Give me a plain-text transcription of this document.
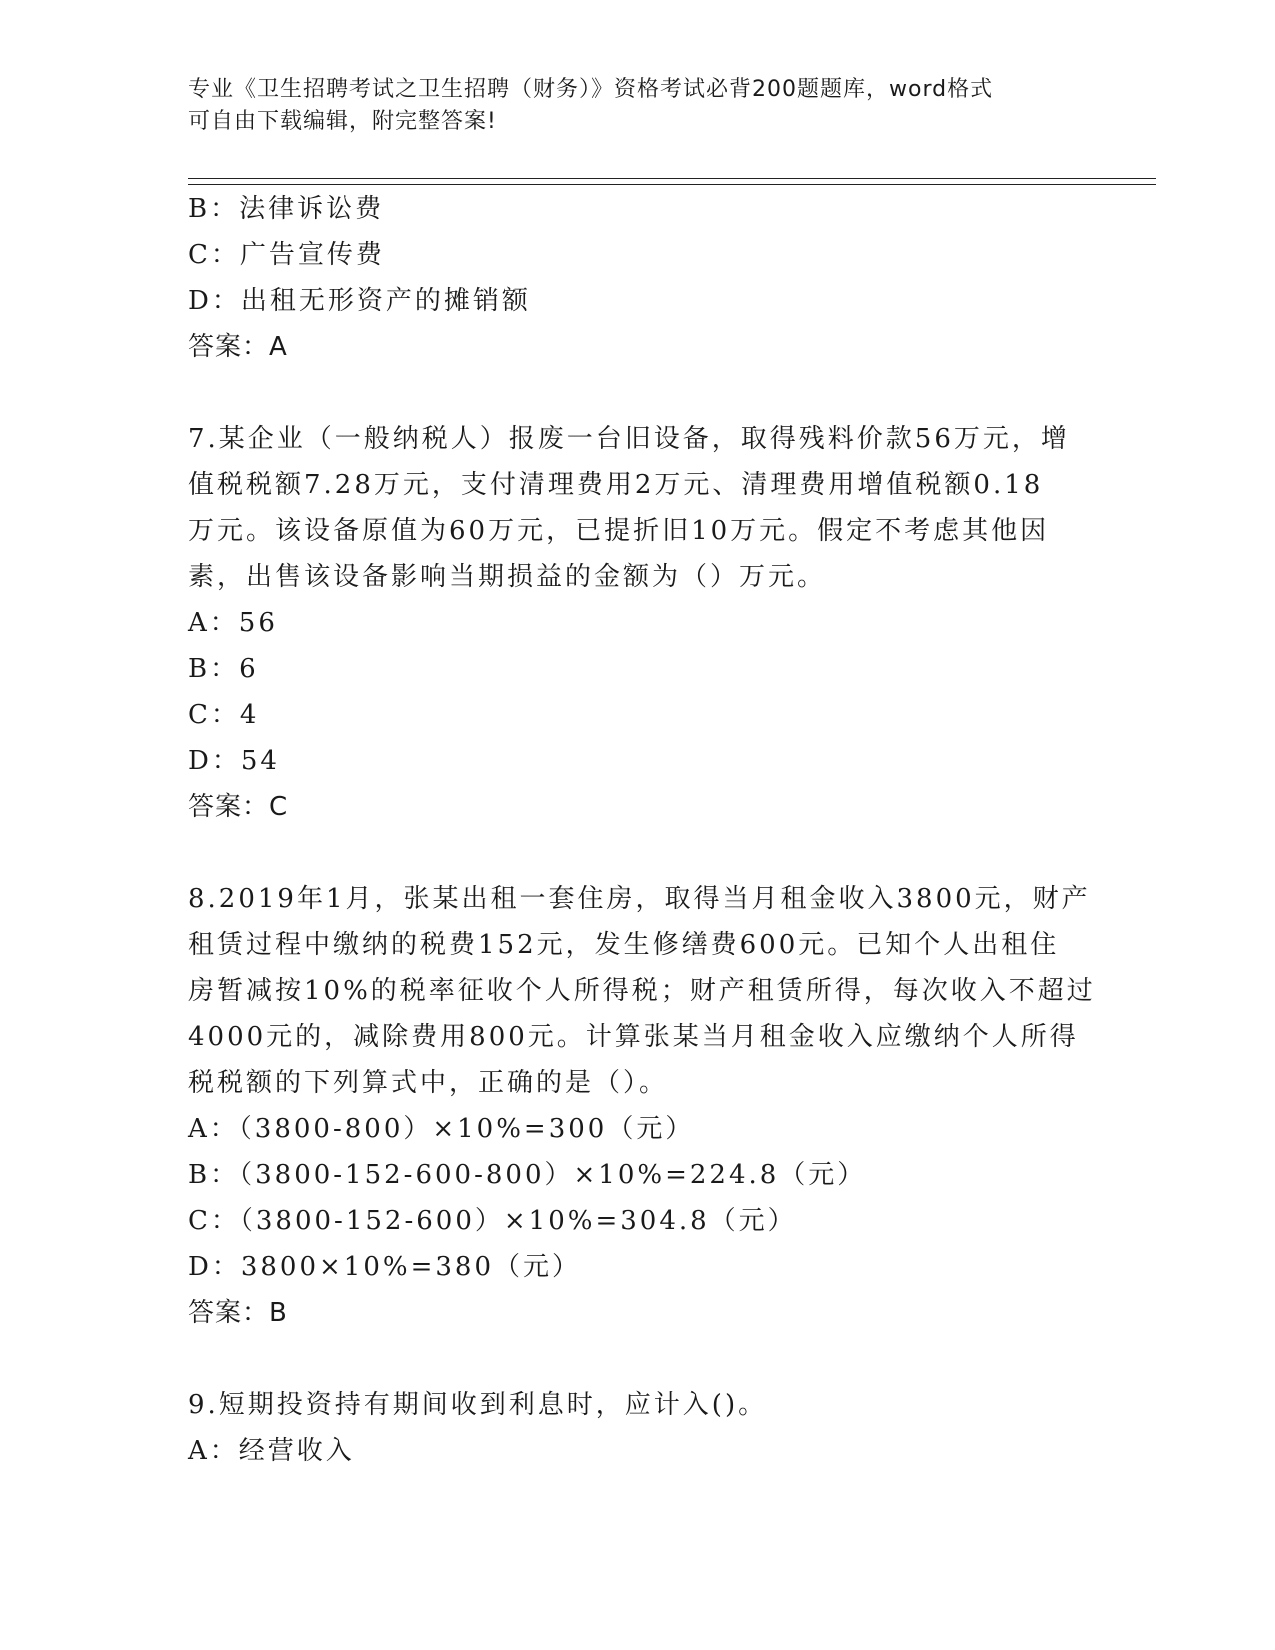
专业《卫生招聘考试之卫生招聘（财务）》资格考试必背200题题库，word格式
可自由下载编辑，附完整答案!
B：法律诉讼费
C：广告宣传费
D：出租无形资产的摊销额
答案：A
7.某企业（一般纳税人）报废一台旧设备，取得残料价款56万元，增
值税税额7.28万元，支付清理费用2万元、清理费用增值税额0.18
万元。该设备原值为60万元，已提折旧10万元。假定不考虑其他因
素，出售该设备影响当期损益的金额为（）万元。
A：56
B：6
C：4
D：54
答案：C
8.2019年1月，张某出租一套住房，取得当月租金收入3800元，财产
租赁过程中缴纳的税费152元，发生修缮费600元。已知个人出租住
房暂减按10%的税率征收个人所得税；财产租赁所得，每次收入不超过
4000元的，减除费用800元。计算张某当月租金收入应缴纳个人所得
税税额的下列算式中，正确的是（）。
A：（3800-800）×10%=300（元）
B：（3800-152-600-800）×10%=224.8（元）
C：（3800-152-600）×10%=304.8（元）
D：3800×10%=380（元）
答案：B
9.短期投资持有期间收到利息时，应计入()。
A：经营收入
